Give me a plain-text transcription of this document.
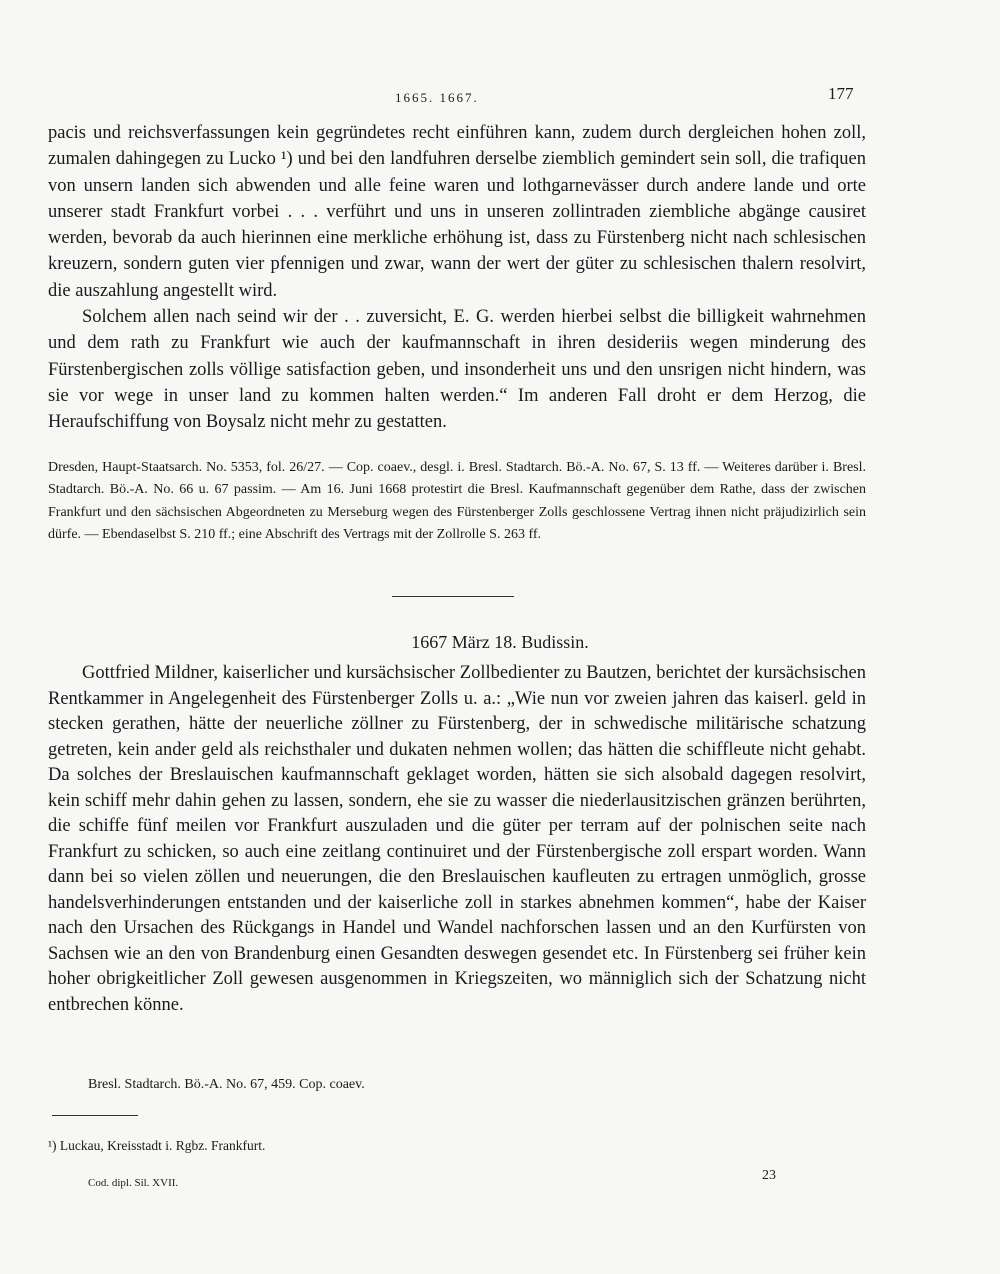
1665. 1667.	177

pacis und reichsverfassungen kein gegründetes recht einführen kann, zudem durch dergleichen hohen zoll, zumalen dahingegen zu Lucko ¹) und bei den landfuhren derselbe ziemblich gemindert sein soll, die trafiquen von unsern landen sich abwenden und alle feine waren und lothgarnevässer durch andere lande und orte unserer stadt Frankfurt vorbei . . . verführt und uns in unseren zollintraden ziembliche abgänge causiret werden, bevorab da auch hierinnen eine merkliche erhöhung ist, dass zu Fürstenberg nicht nach schlesischen kreuzern, sondern guten vier pfennigen und zwar, wann der wert der güter zu schlesischen thalern resolvirt, die auszahlung angestellt wird.

Solchem allen nach seind wir der . . zuversicht, E. G. werden hierbei selbst die billigkeit wahrnehmen und dem rath zu Frankfurt wie auch der kaufmannschaft in ihren desideriis wegen minderung des Fürstenbergischen zolls völlige satisfaction geben, und insonderheit uns und den unsrigen nicht hindern, was sie vor wege in unser land zu kommen halten werden.“ Im anderen Fall droht er dem Herzog, die Heraufschiffung von Boysalz nicht mehr zu gestatten.

Dresden, Haupt-Staatsarch. No. 5353, fol. 26/27. — Cop. coaev., desgl. i. Bresl. Stadtarch. Bö.-A. No. 67, S. 13 ff. — Weiteres darüber i. Bresl. Stadtarch. Bö.-A. No. 66 u. 67 passim. — Am 16. Juni 1668 protestirt die Bresl. Kaufmannschaft gegenüber dem Rathe, dass der zwischen Frankfurt und den sächsischen Abgeordneten zu Merseburg wegen des Fürstenberger Zolls geschlossene Vertrag ihnen nicht präjudizirlich sein dürfe. — Ebendaselbst S. 210 ff.; eine Abschrift des Vertrags mit der Zollrolle S. 263 ff.

1667 März 18. Budissin.

Gottfried Mildner, kaiserlicher und kursächsischer Zollbedienter zu Bautzen, berichtet der kursächsischen Rentkammer in Angelegenheit des Fürstenberger Zolls u. a.: „Wie nun vor zweien jahren das kaiserl. geld in stecken gerathen, hätte der neuerliche zöllner zu Fürstenberg, der in schwedische militärische schatzung getreten, kein ander geld als reichsthaler und dukaten nehmen wollen; das hätten die schiffleute nicht gehabt. Da solches der Breslauischen kaufmannschaft geklaget worden, hätten sie sich alsobald dagegen resolvirt, kein schiff mehr dahin gehen zu lassen, sondern, ehe sie zu wasser die niederlausitzischen gränzen berührten, die schiffe fünf meilen vor Frankfurt auszuladen und die güter per terram auf der polnischen seite nach Frankfurt zu schicken, so auch eine zeitlang continuiret und der Fürstenbergische zoll erspart worden. Wann dann bei so vielen zöllen und neuerungen, die den Breslauischen kaufleuten zu ertragen unmöglich, grosse handelsverhinderungen entstanden und der kaiserliche zoll in starkes abnehmen kommen“, habe der Kaiser nach den Ursachen des Rückgangs in Handel und Wandel nachforschen lassen und an den Kurfürsten von Sachsen wie an den von Brandenburg einen Gesandten deswegen gesendet etc. In Fürstenberg sei früher kein hoher obrigkeitlicher Zoll gewesen ausgenommen in Kriegszeiten, wo männiglich sich der Schatzung nicht entbrechen könne.

Bresl. Stadtarch. Bö.-A. No. 67, 459. Cop. coaev.
¹) Luckau, Kreisstadt i. Rgbz. Frankfurt.
Cod. dipl. Sil. XVII.	23
